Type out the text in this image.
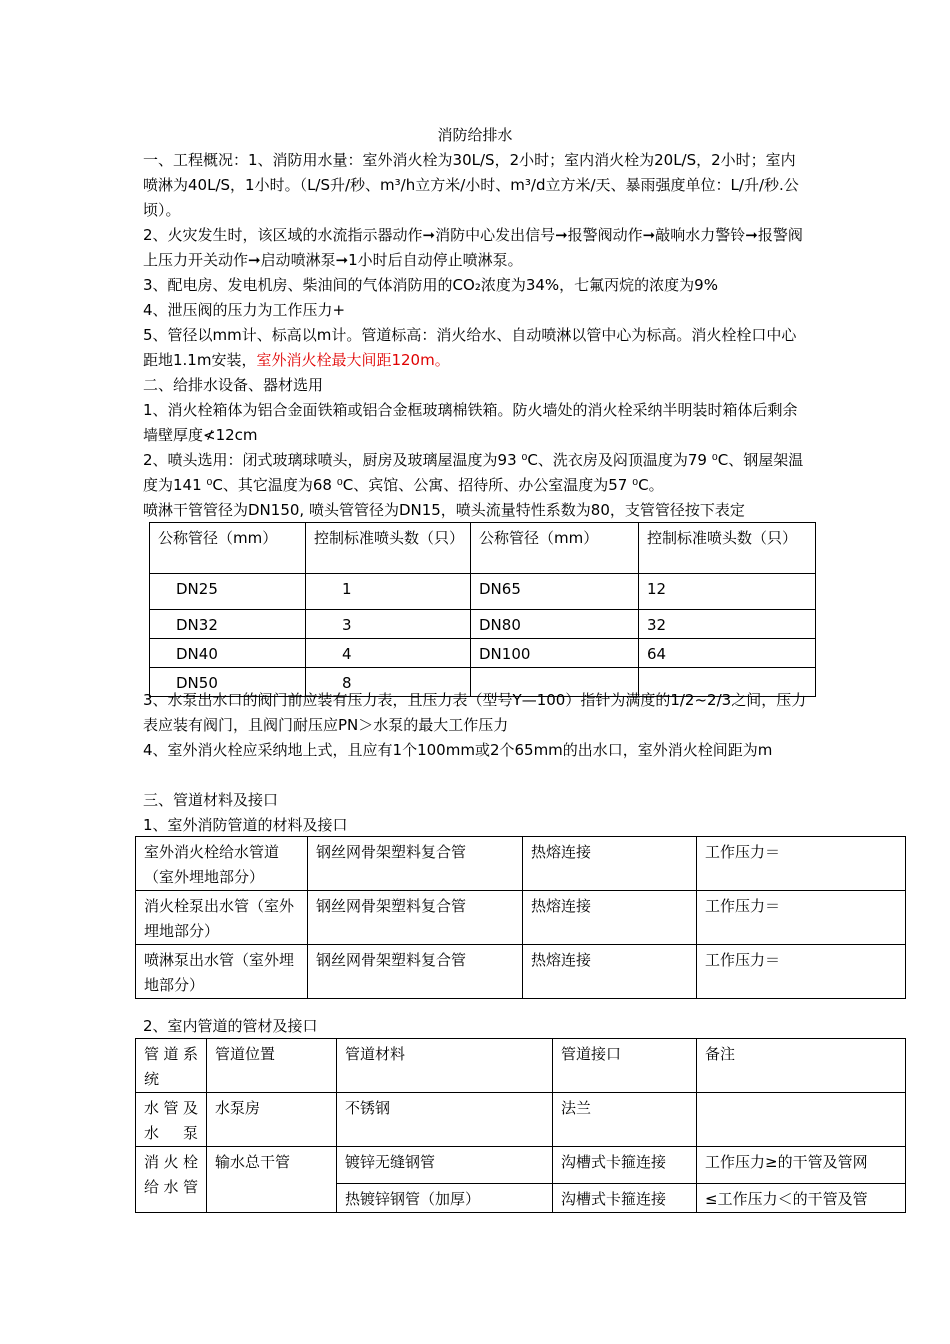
消防给排水
一、工程概况：1、消防用水量：室外消火栓为30L/S，2小时；室内消火栓为20L/S，2小时；室内喷淋为40L/S，1小时。（L/S升/秒、m³/h立方米/小时、m³/d立方米/天、暴雨强度单位：L/升/秒.公顷）。
2、火灾发生时，该区域的水流指示器动作➞消防中心发出信号➞报警阀动作➞敲响水力警铃➞报警阀上压力开关动作➞启动喷淋泵➞1小时后自动停止喷淋泵。
3、配电房、发电机房、柴油间的气体消防用的CO₂浓度为34%，七氟丙烷的浓度为9%
4、泄压阀的压力为工作压力+
5、管径以mm计、标高以m计。管道标高：消火给水、自动喷淋以管中心为标高。消火栓栓口中心距地1.1m安装，室外消火栓最大间距120m。
二、给排水设备、器材选用
1、消火栓箱体为铝合金面铁箱或铝合金框玻璃棉铁箱。防火墙处的消火栓采纳半明装时箱体后剩余墙壁厚度≮12cm
2、喷头选用：闭式玻璃球喷头，厨房及玻璃屋温度为93 ⁰C、洗衣房及闷顶温度为79 ⁰C、钢屋架温度为141 ⁰C、其它温度为68 ⁰C、宾馆、公寓、招待所、办公室温度为57 ⁰C。
喷淋干管管径为DN150, 喷头管管径为DN15，喷头流量特性系数为80，支管管径按下表定
公称管径（mm）	控制标准喷头数（只）	公称管径（mm）	控制标准喷头数（只）
DN25	1	DN65	12
DN32	3	DN80	32
DN40	4	DN100	64
DN50	8		
3、水泵出水口的阀门前应装有压力表，且压力表（型号Y—100）指针为满度的1/2~2/3之间，压力表应装有阀门，且阀门耐压应PN＞水泵的最大工作压力
4、室外消火栓应采纳地上式，且应有1个100mm或2个65mm的出水口，室外消火栓间距为m
三、管道材料及接口
1、室外消防管道的材料及接口
室外消火栓给水管道（室外埋地部分）	钢丝网骨架塑料复合管	热熔连接	工作压力＝
消火栓泵出水管（室外埋地部分）	钢丝网骨架塑料复合管	热熔连接	工作压力＝
喷淋泵出水管（室外埋地部分）	钢丝网骨架塑料复合管	热熔连接	工作压力＝
2、室内管道的管材及接口
管道系统	管道位置	管道材料	管道接口	备注
水管及水泵	水泵房	不锈钢	法兰	
消火栓给水管	输水总干管	镀锌无缝钢管	沟槽式卡箍连接	工作压力≥的干管及管网
		热镀锌钢管（加厚）	沟槽式卡箍连接	≤工作压力＜的干管及管
